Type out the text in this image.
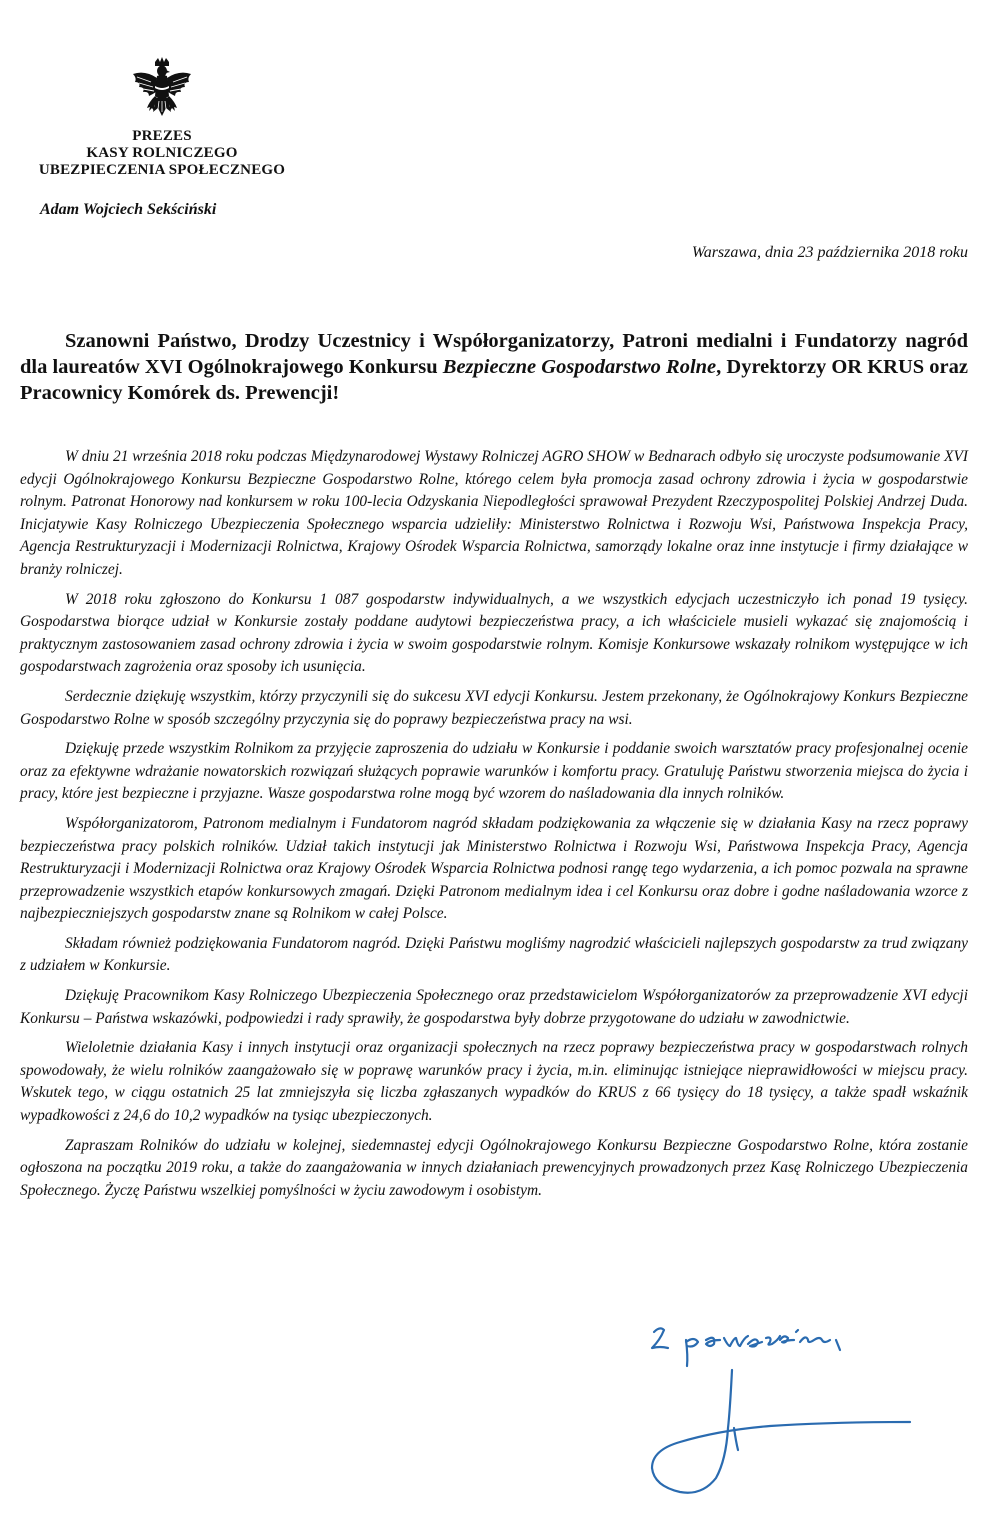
PREZES
KASY ROLNICZEGO
UBEZPIECZENIA SPOŁECZNEGO
Adam Wojciech Sekściński
Warszawa, dnia 23 października 2018 roku
Szanowni Państwo, Drodzy Uczestnicy i Współorganizatorzy, Patroni medialni i Fundatorzy nagród dla laureatów XVI Ogólnokrajowego Konkursu Bezpieczne Gospodarstwo Rolne, Dyrektorzy OR KRUS oraz Pracownicy Komórek ds. Prewencji!

W dniu 21 września 2018 roku podczas Międzynarodowej Wystawy Rolniczej AGRO SHOW w Bednarach odbyło się uroczyste podsumowanie XVI edycji Ogólnokrajowego Konkursu Bezpieczne Gospodarstwo Rolne, którego celem była promocja zasad ochrony zdrowia i życia w gospodarstwie rolnym. Patronat Honorowy nad konkursem w roku 100-lecia Odzyskania Niepodległości sprawował Prezydent Rzeczypospolitej Polskiej Andrzej Duda. Inicjatywie Kasy Rolniczego Ubezpieczenia Społecznego wsparcia udzieliły: Ministerstwo Rolnictwa i Rozwoju Wsi, Państwowa Inspekcja Pracy, Agencja Restrukturyzacji i Modernizacji Rolnictwa, Krajowy Ośrodek Wsparcia Rolnictwa, samorządy lokalne oraz inne instytucje i firmy działające w branży rolniczej.

W 2018 roku zgłoszono do Konkursu 1 087 gospodarstw indywidualnych, a we wszystkich edycjach uczestniczyło ich ponad 19 tysięcy. Gospodarstwa biorące udział w Konkursie zostały poddane audytowi bezpieczeństwa pracy, a ich właściciele musieli wykazać się znajomością i praktycznym zastosowaniem zasad ochrony zdrowia i życia w swoim gospodarstwie rolnym. Komisje Konkursowe wskazały rolnikom występujące w ich gospodarstwach zagrożenia oraz sposoby ich usunięcia.

Serdecznie dziękuję wszystkim, którzy przyczynili się do sukcesu XVI edycji Konkursu. Jestem przekonany, że Ogólnokrajowy Konkurs Bezpieczne Gospodarstwo Rolne w sposób szczególny przyczynia się do poprawy bezpieczeństwa pracy na wsi.

Dziękuję przede wszystkim Rolnikom za przyjęcie zaproszenia do udziału w Konkursie i poddanie swoich warsztatów pracy profesjonalnej ocenie oraz za efektywne wdrażanie nowatorskich rozwiązań służących poprawie warunków i komfortu pracy. Gratuluję Państwu stworzenia miejsca do życia i pracy, które jest bezpieczne i przyjazne. Wasze gospodarstwa rolne mogą być wzorem do naśladowania dla innych rolników.

Współorganizatorom, Patronom medialnym i Fundatorom nagród składam podziękowania za włączenie się w działania Kasy na rzecz poprawy bezpieczeństwa pracy polskich rolników. Udział takich instytucji jak Ministerstwo Rolnictwa i Rozwoju Wsi, Państwowa Inspekcja Pracy, Agencja Restrukturyzacji i Modernizacji Rolnictwa oraz Krajowy Ośrodek Wsparcia Rolnictwa podnosi rangę tego wydarzenia, a ich pomoc pozwala na sprawne przeprowadzenie wszystkich etapów konkursowych zmagań. Dzięki Patronom medialnym idea i cel Konkursu oraz dobre i godne naśladowania wzorce z najbezpieczniejszych gospodarstw znane są Rolnikom w całej Polsce.

Składam również podziękowania Fundatorom nagród. Dzięki Państwu mogliśmy nagrodzić właścicieli najlepszych gospodarstw za trud związany z udziałem w Konkursie.

Dziękuję Pracownikom Kasy Rolniczego Ubezpieczenia Społecznego oraz przedstawicielom Współorganizatorów za przeprowadzenie XVI edycji Konkursu – Państwa wskazówki, podpowiedzi i rady sprawiły, że gospodarstwa były dobrze przygotowane do udziału w zawodnictwie.

Wieloletnie działania Kasy i innych instytucji oraz organizacji społecznych na rzecz poprawy bezpieczeństwa pracy w gospodarstwach rolnych spowodowały, że wielu rolników zaangażowało się w poprawę warunków pracy i życia, m.in. eliminując istniejące nieprawidłowości w miejscu pracy. Wskutek tego, w ciągu ostatnich 25 lat zmniejszyła się liczba zgłaszanych wypadków do KRUS z 66 tysięcy do 18 tysięcy, a także spadł wskaźnik wypadkowości z 24,6 do 10,2 wypadków na tysiąc ubezpieczonych.

Zapraszam Rolników do udziału w kolejnej, siedemnastej edycji Ogólnokrajowego Konkursu Bezpieczne Gospodarstwo Rolne, która zostanie ogłoszona na początku 2019 roku, a także do zaangażowania w innych działaniach prewencyjnych prowadzonych przez Kasę Rolniczego Ubezpieczenia Społecznego. Życzę Państwu wszelkiej pomyślności w życiu zawodowym i osobistym.
